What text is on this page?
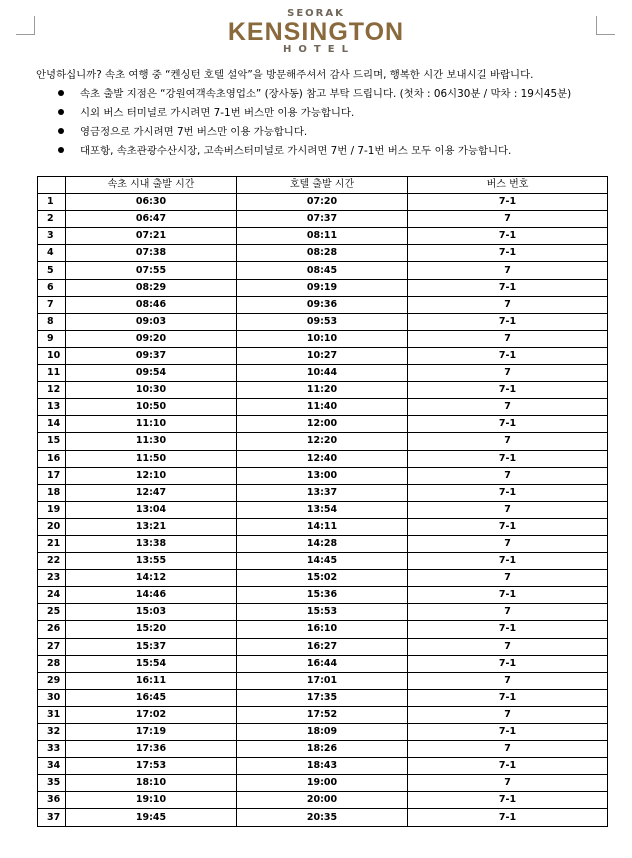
SEORAK
KENSINGTON
HOTEL
안녕하십니까? 속초 여행 중 “켄싱턴 호텔 설악”을 방문해주셔서 감사 드리며, 행복한 시간 보내시길 바랍니다.
속초 출발 지점은 “강원여객속초영업소” (장사동) 참고 부탁 드립니다. (첫차 : 06시30분 / 막차 : 19시45분)
시외 버스 터미널로 가시려면 7-1번 버스만 이용 가능합니다.
영금정으로 가시려면 7번 버스만 이용 가능합니다.
대포항, 속초관광수산시장, 고속버스터미널로 가시려면 7번 / 7-1번 버스 모두 이용 가능합니다.
	속초 시내 출발 시간	호텔 출발 시간	버스 번호
1	06:30	07:20	7-1
2	06:47	07:37	7
3	07:21	08:11	7-1
4	07:38	08:28	7-1
5	07:55	08:45	7
6	08:29	09:19	7-1
7	08:46	09:36	7
8	09:03	09:53	7-1
9	09:20	10:10	7
10	09:37	10:27	7-1
11	09:54	10:44	7
12	10:30	11:20	7-1
13	10:50	11:40	7
14	11:10	12:00	7-1
15	11:30	12:20	7
16	11:50	12:40	7-1
17	12:10	13:00	7
18	12:47	13:37	7-1
19	13:04	13:54	7
20	13:21	14:11	7-1
21	13:38	14:28	7
22	13:55	14:45	7-1
23	14:12	15:02	7
24	14:46	15:36	7-1
25	15:03	15:53	7
26	15:20	16:10	7-1
27	15:37	16:27	7
28	15:54	16:44	7-1
29	16:11	17:01	7
30	16:45	17:35	7-1
31	17:02	17:52	7
32	17:19	18:09	7-1
33	17:36	18:26	7
34	17:53	18:43	7-1
35	18:10	19:00	7
36	19:10	20:00	7-1
37	19:45	20:35	7-1
